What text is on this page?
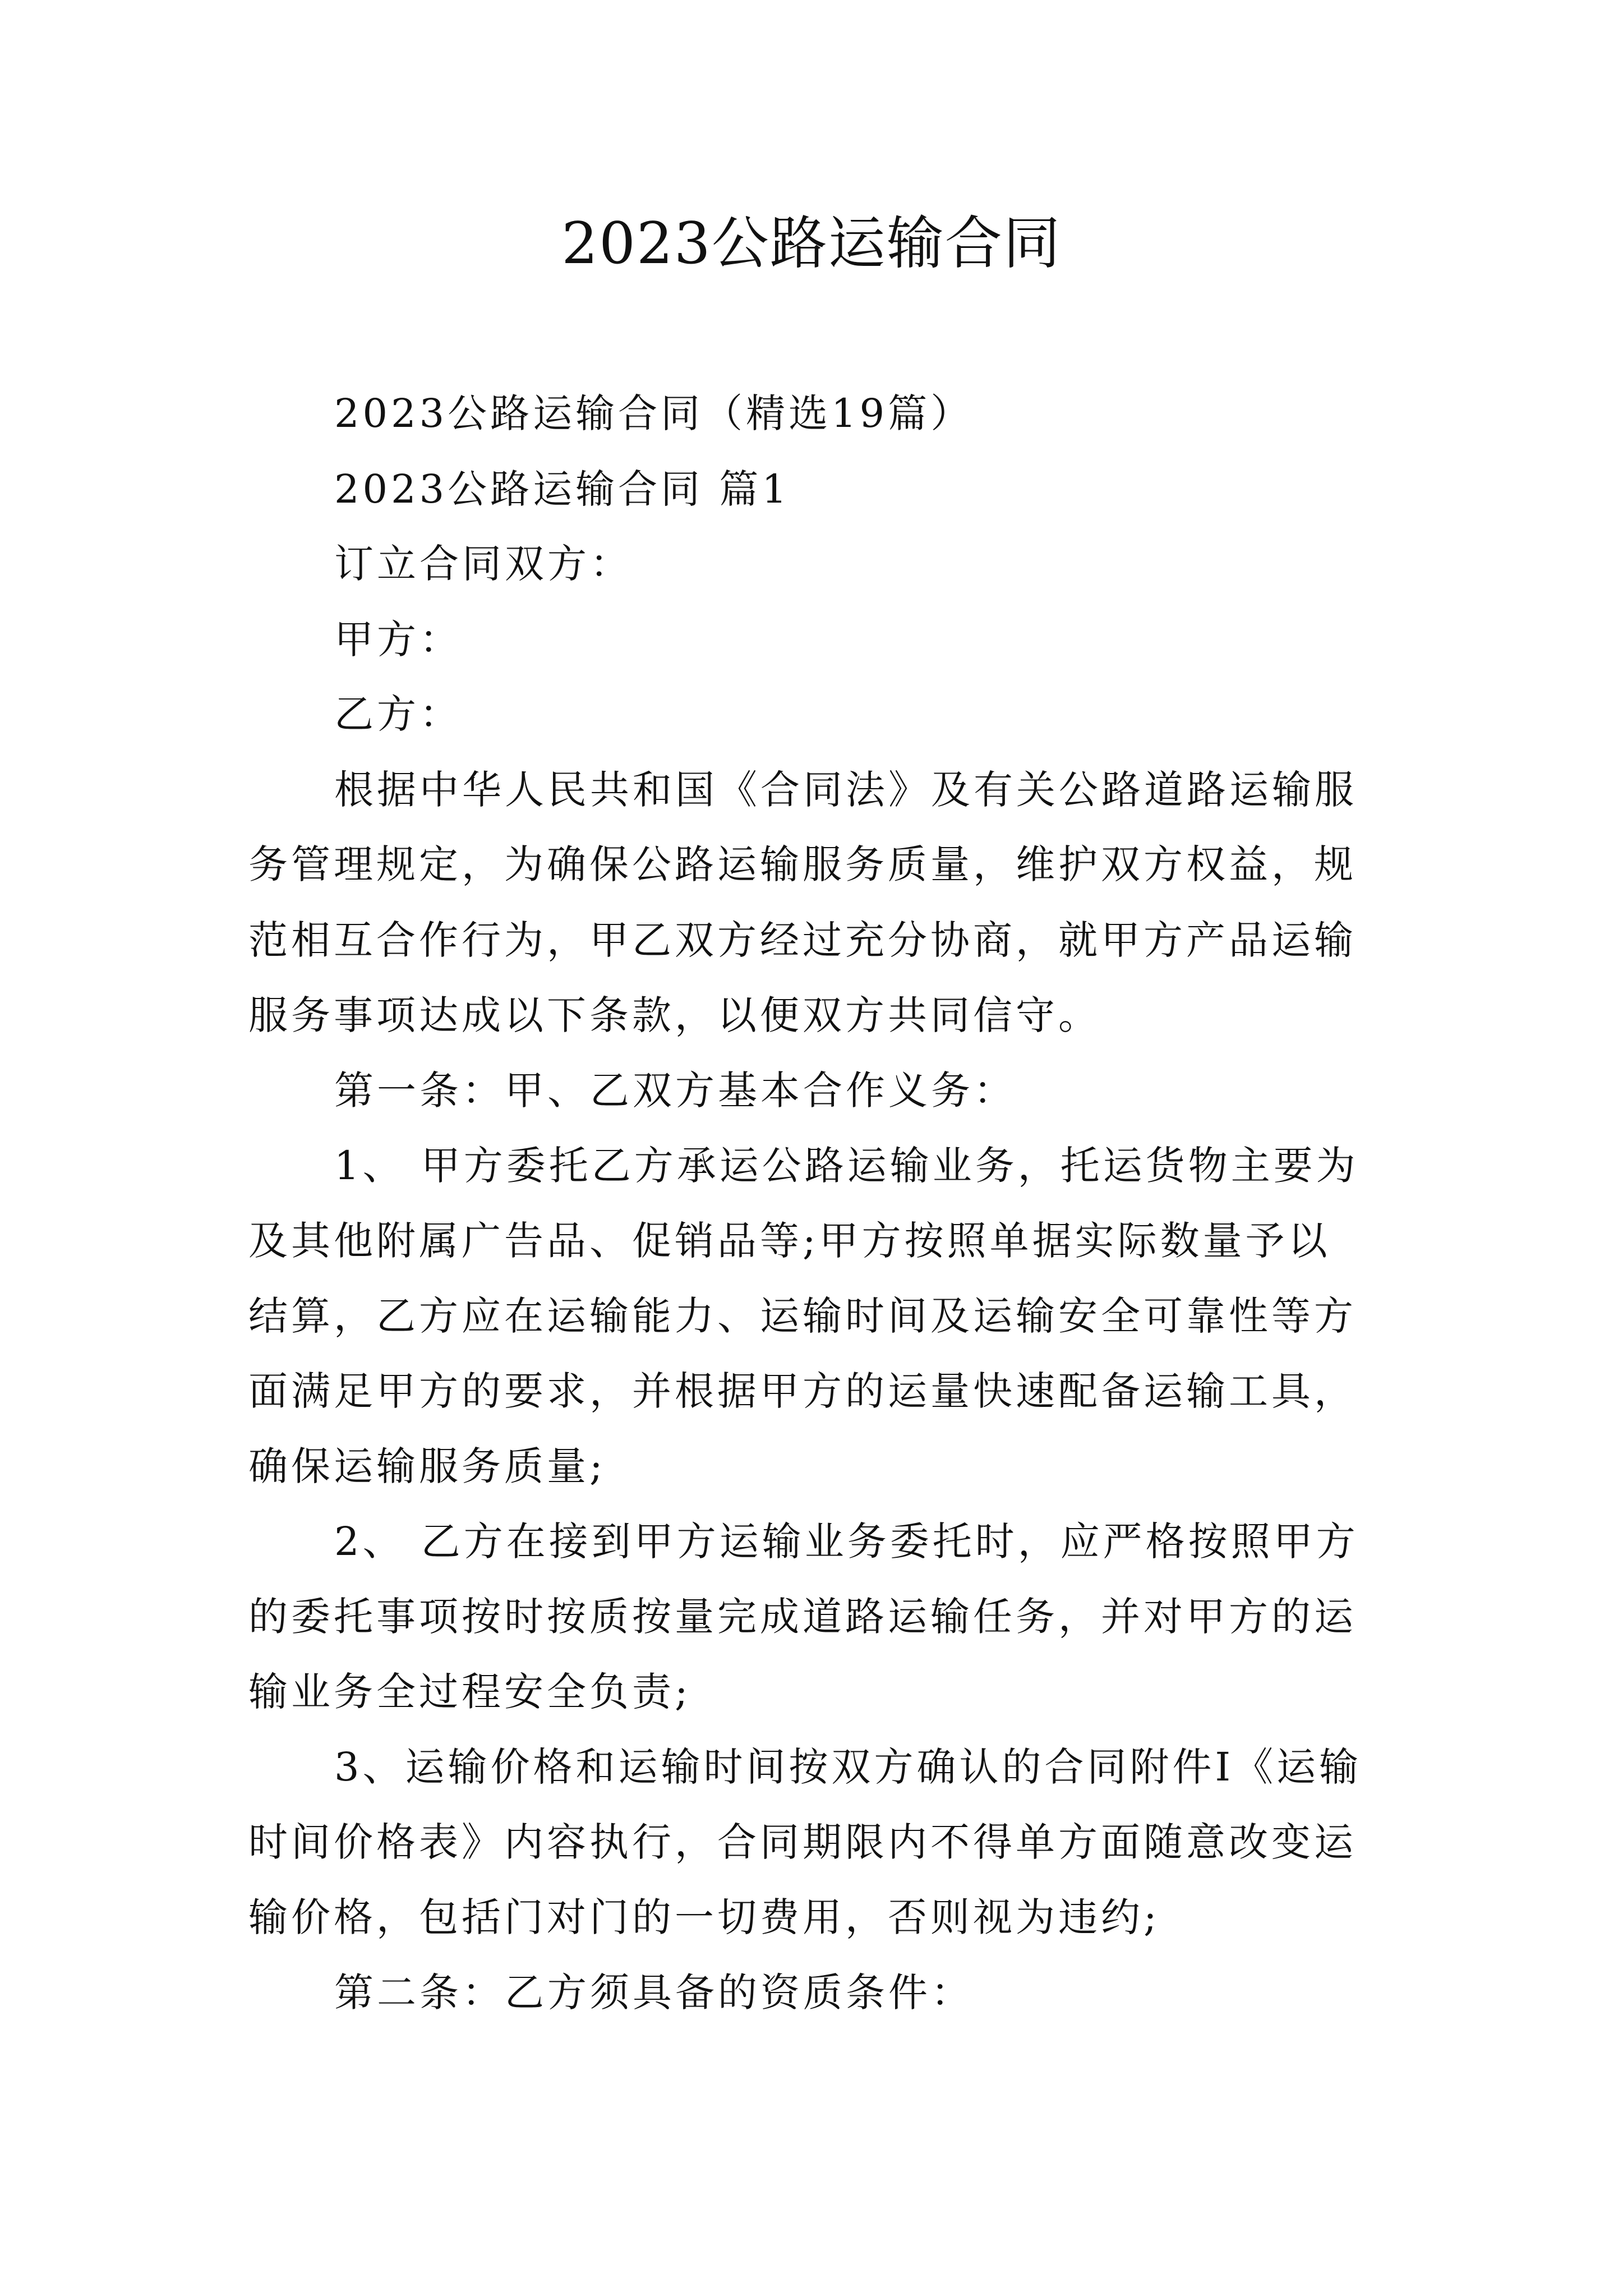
2023公路运输合同
2023公路运输合同（精选19篇）
2023公路运输合同 篇1
订立合同双方：
甲方：
乙方：
根据中华人民共和国《合同法》及有关公路道路运输服
务管理规定，为确保公路运输服务质量，维护双方权益，规
范相互合作行为，甲乙双方经过充分协商，就甲方产品运输
服务事项达成以下条款，以便双方共同信守。
第一条：甲、乙双方基本合作义务：
1、 甲方委托乙方承运公路运输业务，托运货物主要为
及其他附属广告品、促销品等;甲方按照单据实际数量予以
结算，乙方应在运输能力、运输时间及运输安全可靠性等方
面满足甲方的要求，并根据甲方的运量快速配备运输工具，
确保运输服务质量;
2、 乙方在接到甲方运输业务委托时，应严格按照甲方
的委托事项按时按质按量完成道路运输任务，并对甲方的运
输业务全过程安全负责;
3、运输价格和运输时间按双方确认的合同附件Ⅰ《运输
时间价格表》内容执行，合同期限内不得单方面随意改变运
输价格，包括门对门的一切费用，否则视为违约;
第二条：乙方须具备的资质条件：
